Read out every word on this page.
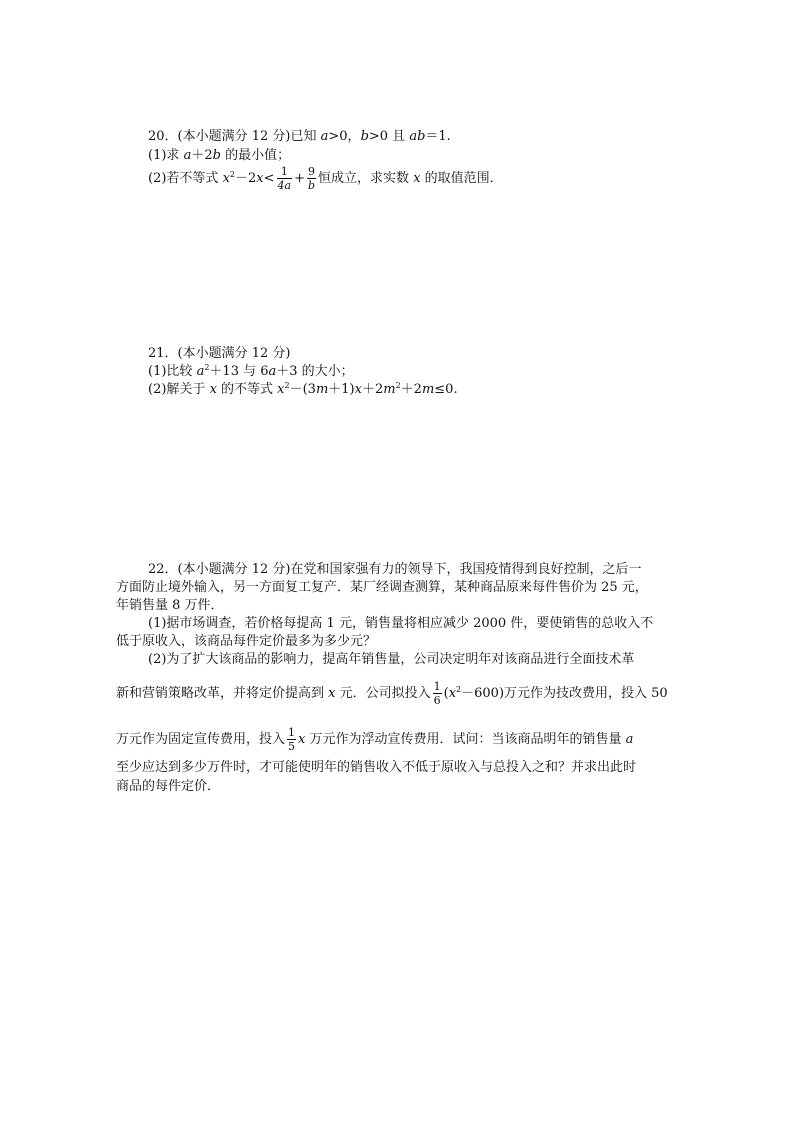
20．(本小题满分 12 分)已知 a>0，b>0 且 ab＝1.
(1)求 a＋2b 的最小值；
(2)若不等式 $x^2-2x< \frac{1}{4a} + \frac{9}{b}$ 恒成立，求实数 x 的取值范围．
21．(本小题满分 12 分)
(1)比较 $a^2+13$ 与 6a＋3 的大小；
(2)解关于 x 的不等式 $x^2-(3m+1)x+2m^2+2m\le 0$.
22．(本小题满分 12 分)在党和国家强有力的领导下，我国疫情得到良好控制，之后一
方面防止境外输入，另一方面复工复产．某厂经调查测算，某种商品原来每件售价为 25 元，
年销售量 8 万件．
(1)据市场调查，若价格每提高 1 元，销售量将相应减少 2000 件，要使销售的总收入不
低于原收入，该商品每件定价最多为多少元？
(2)为了扩大该商品的影响力，提高年销售量，公司决定明年对该商品进行全面技术革
新和营销策略改革，并将定价提高到 x 元．公司拟投入 $\frac{1}{6} (x^2-600)$万元作为技改费用，投入 50
万元作为固定宣传费用，投入 $\frac{1}{5}$ x 万元作为浮动宣传费用．试问：当该商品明年的销售量 a
至少应达到多少万件时，才可能使明年的销售收入不低于原收入与总投入之和？并求出此时
商品的每件定价．
